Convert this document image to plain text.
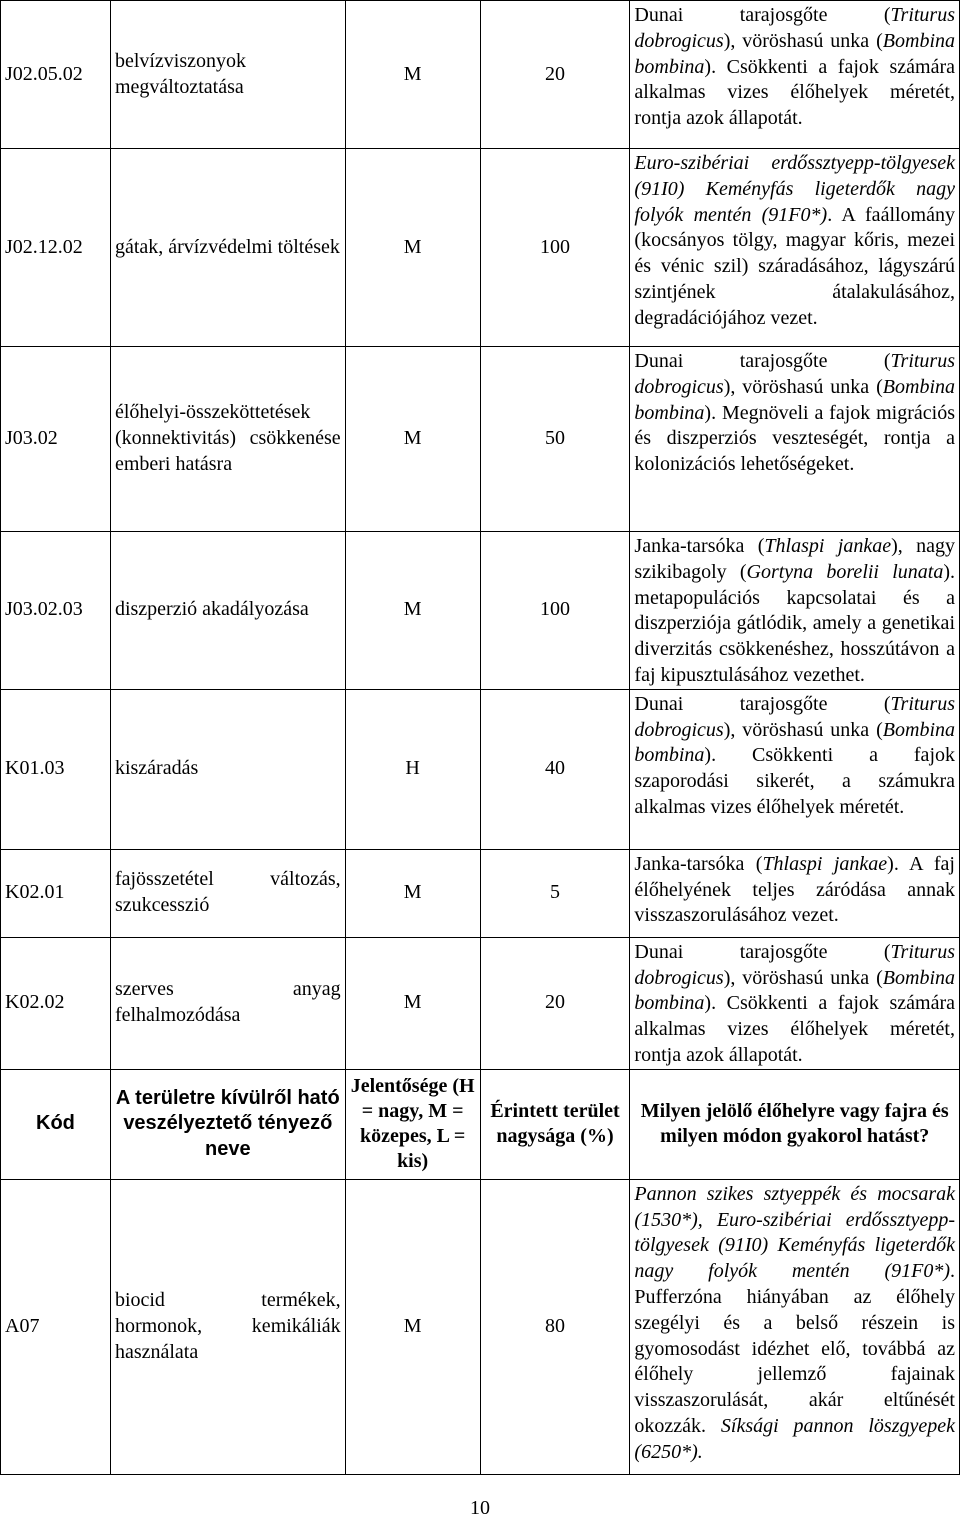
J02.05.02	belvízviszonyok megváltoztatása	M	20	Dunai tarajosgőte (Triturus dobrogicus), vöröshasú unka (Bombina bombina). Csökkenti a fajok számára alkalmas vizes élőhelyek méretét, rontja azok állapotát.
J02.12.02	gátak, árvízvédelmi töltések	M	100	Euro-szibériai erdőssztyepp-tölgyesek (91I0) Keményfás ligeterdők nagy folyók mentén (91F0*). A faállomány (kocsányos tölgy, magyar kőris, mezei és vénic szil) száradásához, lágyszárú szintjének átalakulásához, degradációjához vezet.
J03.02	élőhelyi-összeköttetések (konnektivitás) csökkenése emberi hatásra	M	50	Dunai tarajosgőte (Triturus dobrogicus), vöröshasú unka (Bombina bombina). Megnöveli a fajok migrációs és diszperziós veszteségét, rontja a kolonizációs lehetőségeket.
J03.02.03	diszperzió akadályozása	M	100	Janka-tarsóka (Thlaspi jankae), nagy szikibagoly (Gortyna borelii lunata). metapopulációs kapcsolatai és a diszperziója gátlódik, amely a genetikai diverzitás csökkenéshez, hosszútávon a faj kipusztulásához vezethet.
K01.03	kiszáradás	H	40	Dunai tarajosgőte (Triturus dobrogicus), vöröshasú unka (Bombina bombina). Csökkenti a fajok szaporodási sikerét, a számukra alkalmas vizes élőhelyek méretét.
K02.01	fajösszetétel változás, szukcesszió	M	5	Janka-tarsóka (Thlaspi jankae). A faj élőhelyének teljes záródása annak visszaszorulásához vezet.
K02.02	szerves anyag felhalmozódása	M	20	Dunai tarajosgőte (Triturus dobrogicus), vöröshasú unka (Bombina bombina). Csökkenti a fajok számára alkalmas vizes élőhelyek méretét, rontja azok állapotát.
Kód	A területre kívülről ható veszélyeztető tényező neve	Jelentősége (H = nagy, M = közepes, L = kis)	Érintett terület nagysága (%)	Milyen jelölő élőhelyre vagy fajra és milyen módon gyakorol hatást?
A07	biocid termékek, hormonok, kemikáliák használata	M	80	Pannon szikes sztyeppék és mocsarak (1530*), Euro-szibériai erdőssztyepp-tölgyesek (91I0) Keményfás ligeterdők nagy folyók mentén (91F0*). Pufferzóna hiányában az élőhely szegélyi és a belső részein is gyomosodást idézhet elő, továbbá az élőhely jellemző fajainak visszaszorulását, akár eltűnését okozzák. Síksági pannon löszgyepek (6250*).
10
